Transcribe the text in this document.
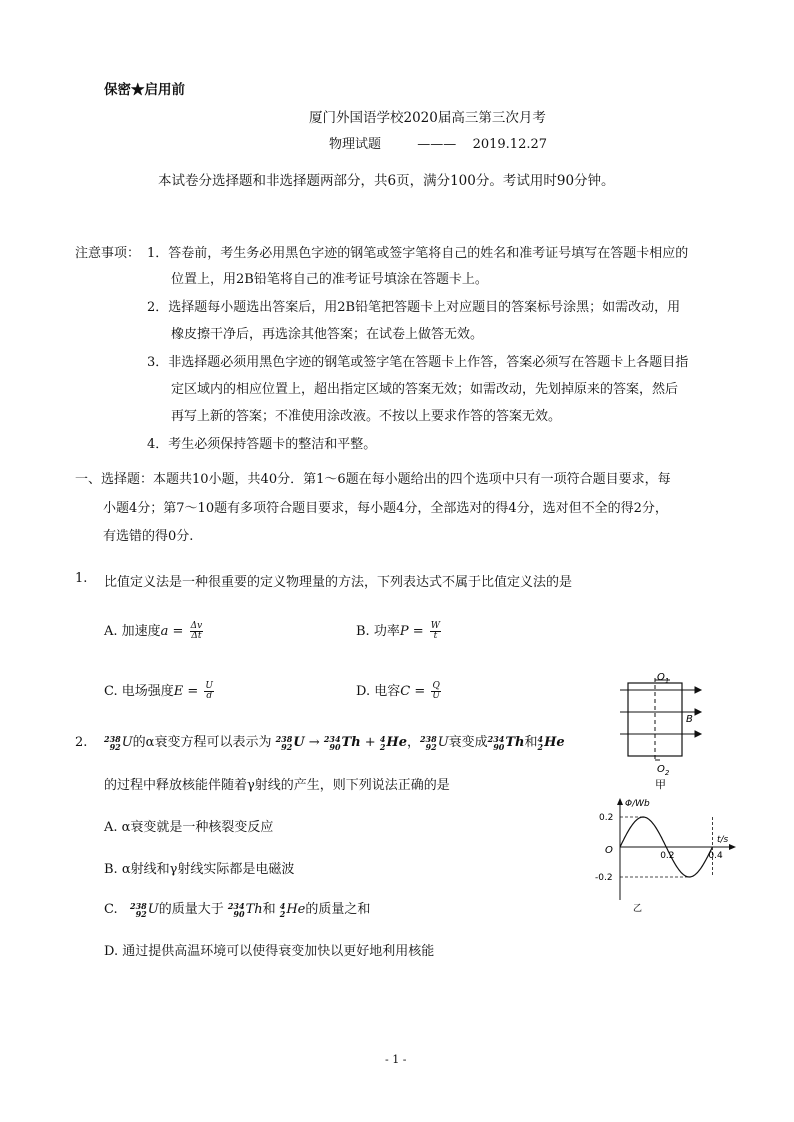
保密★启用前
厦门外国语学校2020届高三第三次月考
物理试题	——— 2019.12.27
本试卷分选择题和非选择题两部分，共6页，满分100分。考试用时90分钟。
注意事项： 1．答卷前，考生务必用黑色字迹的钢笔或签字笔将自己的姓名和准考证号填写在答题卡相应的
位置上，用2B铅笔将自己的准考证号填涂在答题卡上。
2．选择题每小题选出答案后，用2B铅笔把答题卡上对应题目的答案标号涂黑；如需改动，用
橡皮擦干净后，再选涂其他答案；在试卷上做答无效。
3．非选择题必须用黑色字迹的钢笔或签字笔在答题卡上作答，答案必须写在答题卡上各题目指
定区域内的相应位置上，超出指定区域的答案无效；如需改动，先划掉原来的答案，然后
再写上新的答案；不准使用涂改液。不按以上要求作答的答案无效。
4．考生必须保持答题卡的整洁和平整。
一、选择题：本题共10小题，共40分．第1～6题在每小题给出的四个选项中只有一项符合题目要求，每
小题4分；第7～10题有多项符合题目要求，每小题4分，全部选对的得4分，选对但不全的得2分，
有选错的得0分.
1. 比值定义法是一种很重要的定义物理量的方法，下列表达式不属于比值定义法的是
A. 加速度$a = \frac{\Delta v}{\Delta t}$	B. 功率$P = \frac{W}{t}$
C. 电场强度$E = \frac{U}{d}$	D. 电容$C = \frac{Q}{U}$
2. 238
92 U的α衰变方程可以表示为 238
92 U → 234
90 Th + 4
2 He， 238
92 U衰变成 234
90 Th和 4
2 He
的过程中释放核能伴随着γ射线的产生，则下列说法正确的是
A. α衰变就是一种核裂变反应
B. α射线和γ射线实际都是电磁波
C. 238
92 U的质量大于 234
90 Th和 4
2 He的质量之和
D. 通过提供高温环境可以使得衰变加快以更好地利用核能
$O_1$
$O_2$
B
甲
Φ/Wb
t/s
O
0.2
-0.2
0.2	0.4
乙
- 1 -
